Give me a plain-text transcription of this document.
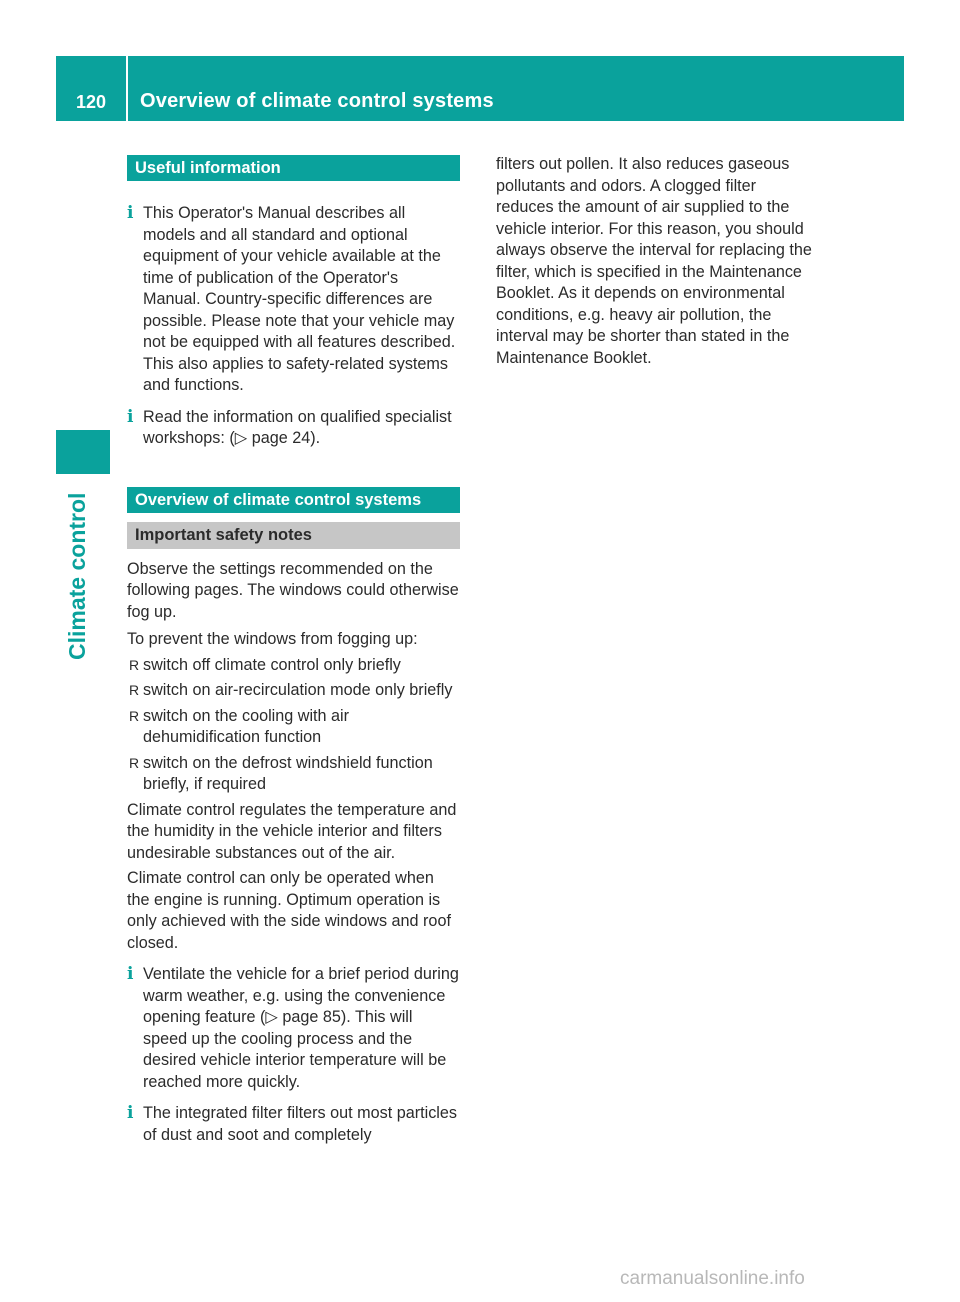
120	Overview of climate control systems
Climate control
Useful information
i This Operator's Manual describes all models and all standard and optional equipment of your vehicle available at the time of publication of the Operator's Manual. Country-specific differences are possible. Please note that your vehicle may not be equipped with all features described. This also applies to safety-related systems and functions.
i Read the information on qualified specialist workshops: (▷ page 24).
Overview of climate control systems
Important safety notes

Observe the settings recommended on the following pages. The windows could otherwise fog up.

To prevent the windows from fogging up:

R switch off climate control only briefly
R switch on air-recirculation mode only briefly
R switch on the cooling with air dehumidification function
R switch on the defrost windshield function briefly, if required

Climate control regulates the temperature and the humidity in the vehicle interior and filters undesirable substances out of the air.

Climate control can only be operated when the engine is running. Optimum operation is only achieved with the side windows and roof closed.

i Ventilate the vehicle for a brief period during warm weather, e.g. using the convenience opening feature (▷ page 85). This will speed up the cooling process and the desired vehicle interior temperature will be reached more quickly.
i The integrated filter filters out most particles of dust and soot and completely

filters out pollen. It also reduces gaseous pollutants and odors. A clogged filter reduces the amount of air supplied to the vehicle interior. For this reason, you should always observe the interval for replacing the filter, which is specified in the Maintenance Booklet. As it depends on environmental conditions, e.g. heavy air pollution, the interval may be shorter than stated in the Maintenance Booklet.

carmanualsonline.info
